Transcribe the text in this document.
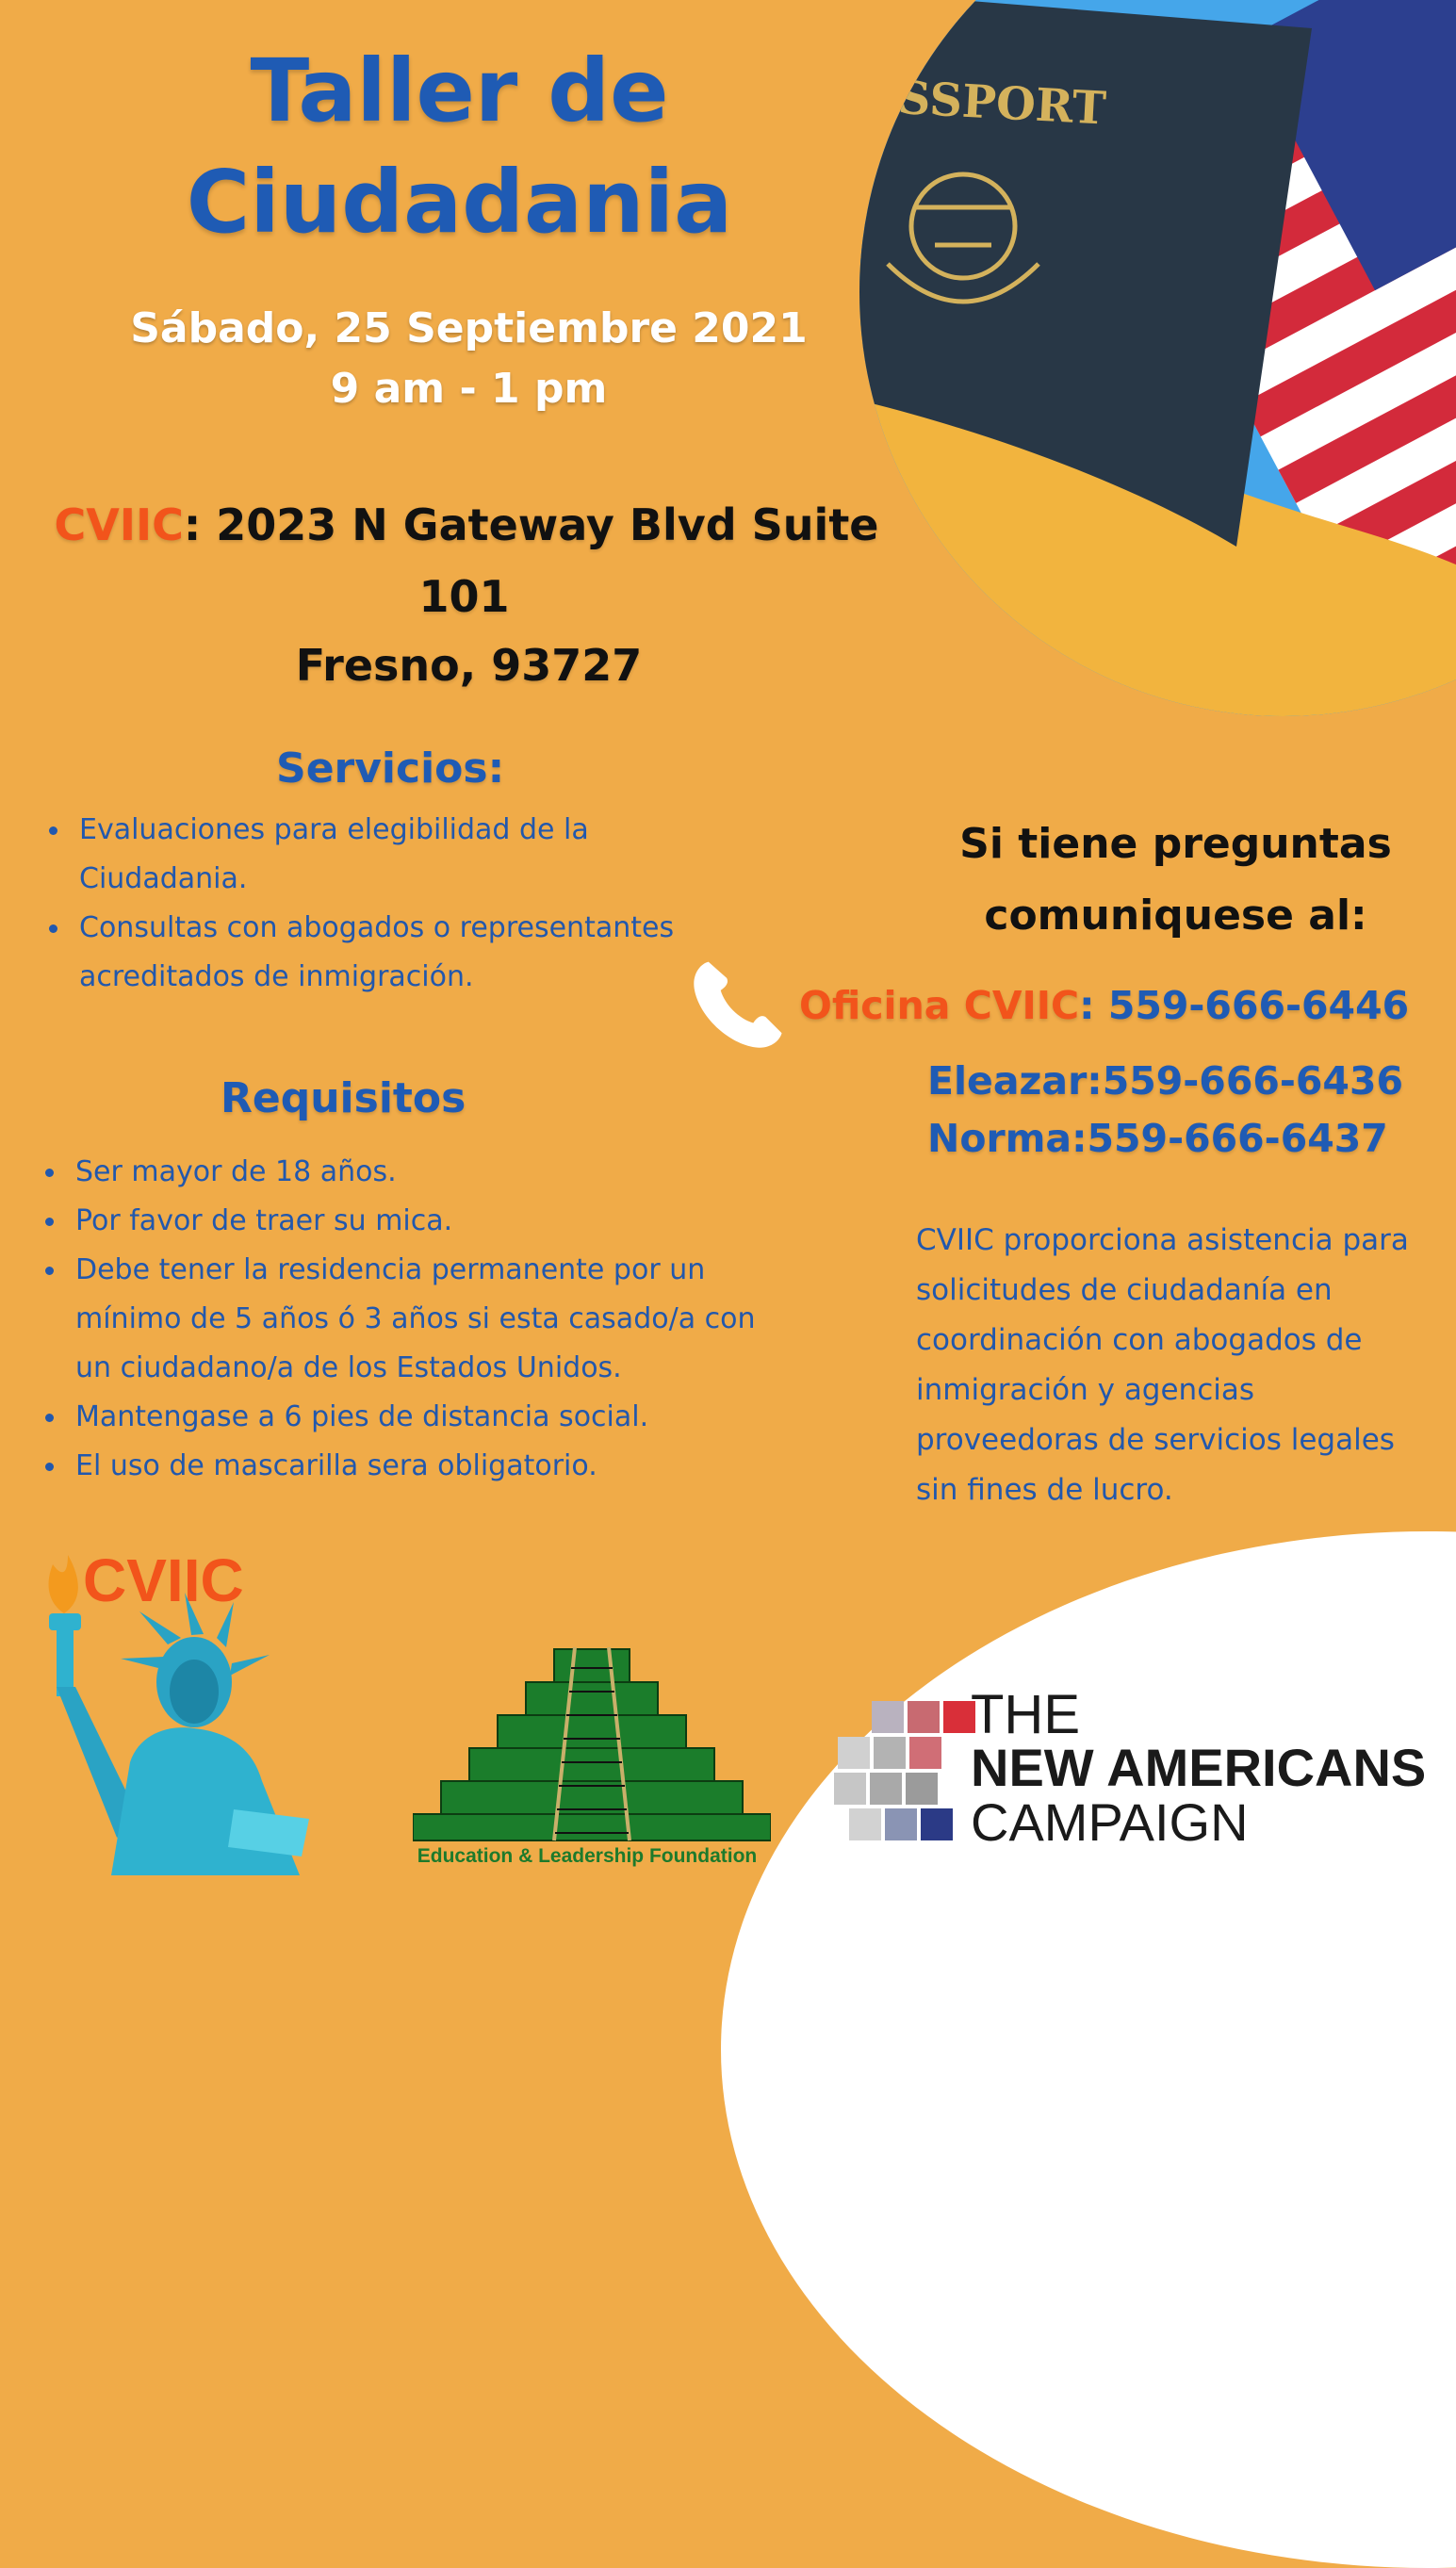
SSPORT
Taller de
Ciudadania

Sábado, 25 Septiembre 2021

9 am - 1 pm

CVIIC: 2023 N Gateway Blvd Suite

101

Fresno, 93727

Servicios:

Evaluaciones para elegibilidad de la Ciudadania.
Consultas con abogados o representantes acreditados de inmigración.

Requisitos

Ser mayor de 18 años.
Por favor de traer su mica.
Debe tener la residencia permanente por un mínimo de 5 años ó 3 años si esta casado/a con un ciudadano/a de los Estados Unidos.
Mantengase a 6 pies de distancia social.
El uso de mascarilla sera obligatorio.

Si tiene preguntas

comuniquese al:

Oficina CVIIC: 559-666-6446

Eleazar:559-666-6436

Norma:559-666-6437

CVIIC proporciona asistencia para solicitudes de ciudadanía en coordinación con abogados de inmigración y agencias proveedoras de servicios legales sin fines de lucro.

CVIIC

Education & Leadership Foundation

THE

NEW AMERICANS

CAMPAIGN
